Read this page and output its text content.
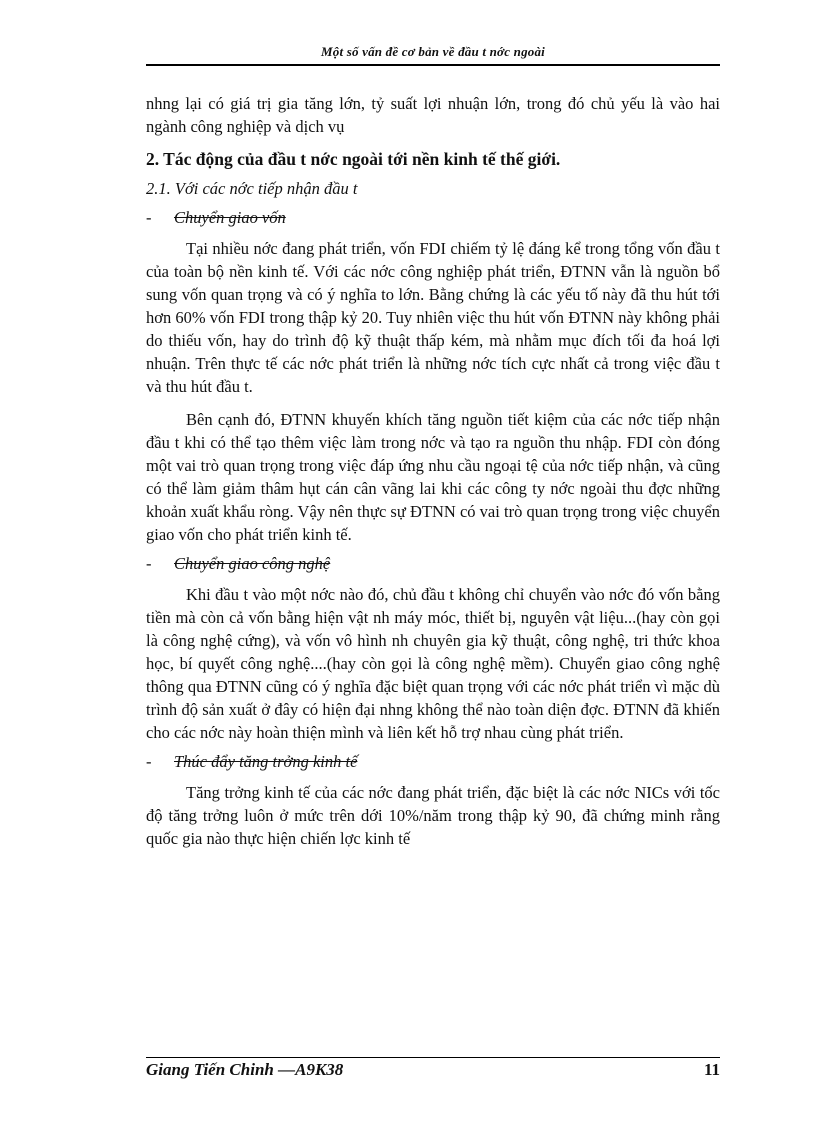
Một số vấn đề cơ bản về đầu t nớc ngoài

nhng lại có giá trị gia tăng lớn, tỷ suất lợi nhuận lớn, trong đó chủ yếu là vào hai ngành công nghiệp và dịch vụ

2. Tác động của đầu t nớc ngoài tới nền kinh tế thế giới.
2.1. Với các nớc tiếp nhận đầu t
- Chuyển giao vốn

Tại nhiều nớc đang phát triển, vốn FDI chiếm tỷ lệ đáng kể trong tổng vốn đầu t của toàn bộ nền kinh tế. Với các nớc công nghiệp phát triển, ĐTNN vẫn là nguồn bổ sung vốn quan trọng và có ý nghĩa to lớn. Bằng chứng là các yếu tố này đã thu hút tới hơn 60% vốn FDI trong thập kỷ 20. Tuy nhiên việc thu hút vốn ĐTNN này không phải do thiếu vốn, hay do trình độ kỹ thuật thấp kém, mà nhằm mục đích tối đa hoá lợi nhuận. Trên thực tế các nớc phát triển là những nớc tích cực nhất cả trong việc đầu t và thu hút đầu t.

Bên cạnh đó, ĐTNN khuyến khích tăng nguồn tiết kiệm của các nớc tiếp nhận đầu t khi có thể tạo thêm việc làm trong nớc và tạo ra nguồn thu nhập. FDI còn đóng một vai trò quan trọng trong việc đáp ứng nhu cầu ngoại tệ của nớc tiếp nhận, và cũng có thể làm giảm thâm hụt cán cân vãng lai khi các công ty nớc ngoài thu đợc những khoản xuất khẩu ròng. Vậy nên thực sự ĐTNN có vai trò quan trọng trong việc chuyển giao vốn cho phát triển kinh tế.

- Chuyển giao công nghệ

Khi đầu t vào một nớc nào đó, chủ đầu t không chỉ chuyển vào nớc đó vốn bằng tiền mà còn cả vốn bằng hiện vật nh máy móc, thiết bị, nguyên vật liệu...(hay còn gọi là công nghệ cứng), và vốn vô hình nh chuyên gia kỹ thuật, công nghệ, tri thức khoa học, bí quyết công nghệ....(hay còn gọi là công nghệ mềm). Chuyển giao công nghệ thông qua ĐTNN cũng có ý nghĩa đặc biệt quan trọng với các nớc phát triển vì mặc dù trình độ sản xuất ở đây có hiện đại nhng không thể nào toàn diện đợc. ĐTNN đã khiến cho các nớc này hoàn thiện mình và liên kết hỗ trợ nhau cùng phát triển.

- Thúc đẩy tăng trởng kinh tế

Tăng trởng kinh tế của các nớc đang phát triển, đặc biệt là các nớc NICs với tốc độ tăng trởng luôn ở mức trên dới 10%/năm trong thập kỷ 90, đã chứng minh rằng quốc gia nào thực hiện chiến lợc kinh tế

Giang Tiến Chinh —A9K38	11
